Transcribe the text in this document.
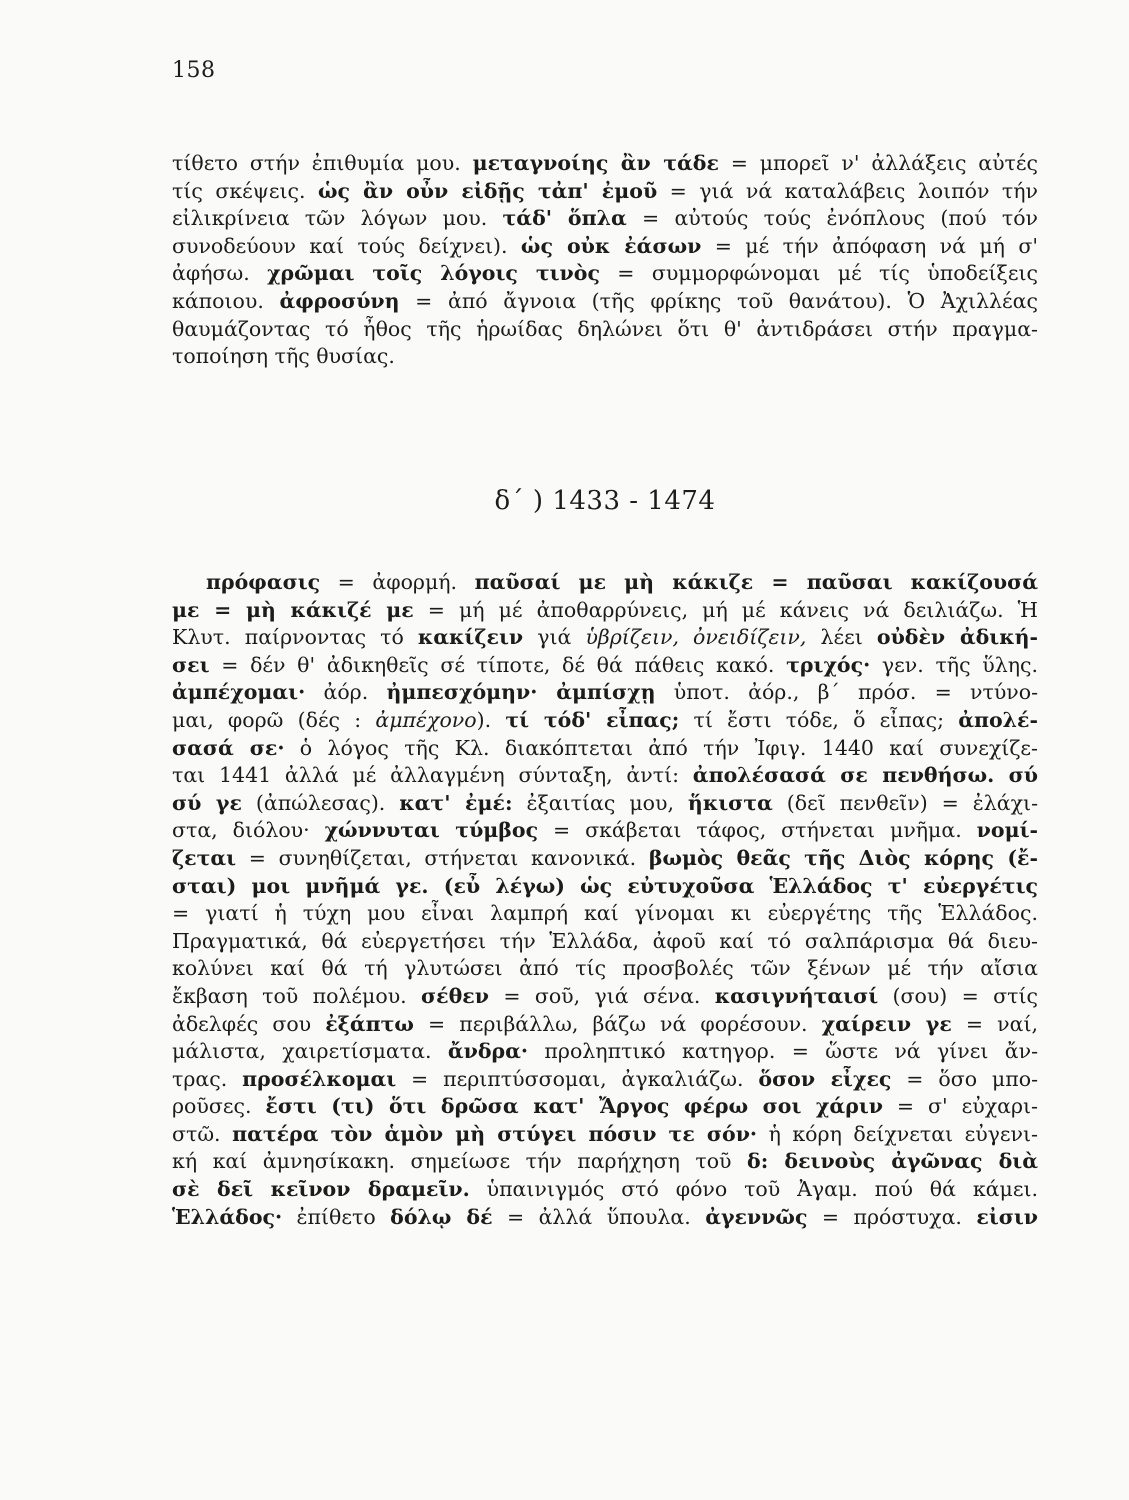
158
τίθετο στήν ἐπιθυμία μου. μεταγνοίης ἂν τάδε = μπορεῖ ν' ἀλλάξεις αὐτές
τίς σκέψεις. ὡς ἂν οὖν εἰδῇς τἀπ' ἐμοῦ = γιά νά καταλάβεις λοιπόν τήν
εἰλικρίνεια τῶν λόγων μου. τάδ' ὅπλα = αὐτούς τούς ἐνόπλους (πού τόν
συνοδεύουν καί τούς δείχνει). ὡς οὐκ ἐάσων = μέ τήν ἀπόφαση νά μή σ'
ἀφήσω. χρῶμαι τοῖς λόγοις τινὸς = συμμορφώνομαι μέ τίς ὑποδείξεις
κάποιου. ἀφροσύνη = ἀπό ἄγνοια (τῆς φρίκης τοῦ θανάτου). Ὁ Ἀχιλλέας
θαυμάζοντας τό ἦθος τῆς ἡρωίδας δηλώνει ὅτι θ' ἀντιδράσει στήν πραγμα-
τοποίηση τῆς θυσίας.
δ΄ ) 1433 - 1474
πρόφασις = ἀφορμή. παῦσαί με μὴ κάκιζε = παῦσαι κακίζουσά
με = μὴ κάκιζέ με = μή μέ ἀποθαρρύνεις, μή μέ κάνεις νά δειλιάζω. Ἡ
Κλυτ. παίρνοντας τό κακίζειν γιά ὑβρίζειν, ὀνειδίζειν, λέει οὐδὲν ἀδική-
σει = δέν θ' ἀδικηθεῖς σέ τίποτε, δέ θά πάθεις κακό. τριχός· γεν. τῆς ὕλης.
ἀμπέχομαι· ἀόρ. ἠμπεσχόμην· ἀμπίσχῃ ὑποτ. ἀόρ., β΄ πρόσ. = ντύνο-
μαι, φορῶ (δές : ἀμπέχονο). τί τόδ' εἶπας; τί ἔστι τόδε, ὅ εἶπας; ἀπολέ-
σασά σε· ὁ λόγος τῆς Κλ. διακόπτεται ἀπό τήν Ἰφιγ. 1440 καί συνεχίζε-
ται 1441 ἀλλά μέ ἀλλαγμένη σύνταξη, ἀντί: ἀπολέσασά σε πενθήσω. σύ
σύ γε (ἀπώλεσας). κατ' ἐμέ: ἐξαιτίας μου, ἥκιστα (δεῖ πενθεῖν) = ἐλάχι-
στα, διόλου· χώννυται τύμβος = σκάβεται τάφος, στήνεται μνῆμα. νομί-
ζεται = συνηθίζεται, στήνεται κανονικά. βωμὸς θεᾶς τῆς Διὸς κόρης (ἔ-
σται) μοι μνῆμά γε. (εὖ λέγω) ὡς εὐτυχοῦσα Ἑλλάδος τ' εὐεργέτις
= γιατί ἡ τύχη μου εἶναι λαμπρή καί γίνομαι κι εὐεργέτης τῆς Ἑλλάδος.
Πραγματικά, θά εὐεργετήσει τήν Ἑλλάδα, ἀφοῦ καί τό σαλπάρισμα θά διευ-
κολύνει καί θά τή γλυτώσει ἀπό τίς προσβολές τῶν ξένων μέ τήν αἴσια
ἔκβαση τοῦ πολέμου. σέθεν = σοῦ, γιά σένα. κασιγνήταισί (σου) = στίς
ἀδελφές σου ἐξάπτω = περιβάλλω, βάζω νά φορέσουν. χαίρειν γε = ναί,
μάλιστα, χαιρετίσματα. ἄνδρα· προληπτικό κατηγορ. = ὥστε νά γίνει ἄν-
τρας. προσέλκομαι = περιπτύσσομαι, ἀγκαλιάζω. ὅσον εἶχες = ὅσο μπο-
ροῦσες. ἔστι (τι) ὅτι δρῶσα κατ' Ἄργος φέρω σοι χάριν = σ' εὐχαρι-
στῶ. πατέρα τὸν ἁμὸν μὴ στύγει πόσιν τε σόν· ἡ κόρη δείχνεται εὐγενι-
κή καί ἀμνησίκακη. σημείωσε τήν παρήχηση τοῦ δ: δεινοὺς ἀγῶνας διὰ
σὲ δεῖ κεῖνον δραμεῖν. ὑπαινιγμός στό φόνο τοῦ Ἀγαμ. πού θά κάμει.
Ἑλλάδος· ἐπίθετο δόλῳ δέ = ἀλλά ὕπουλα. ἀγεννῶς = πρόστυχα. εἰσιν
